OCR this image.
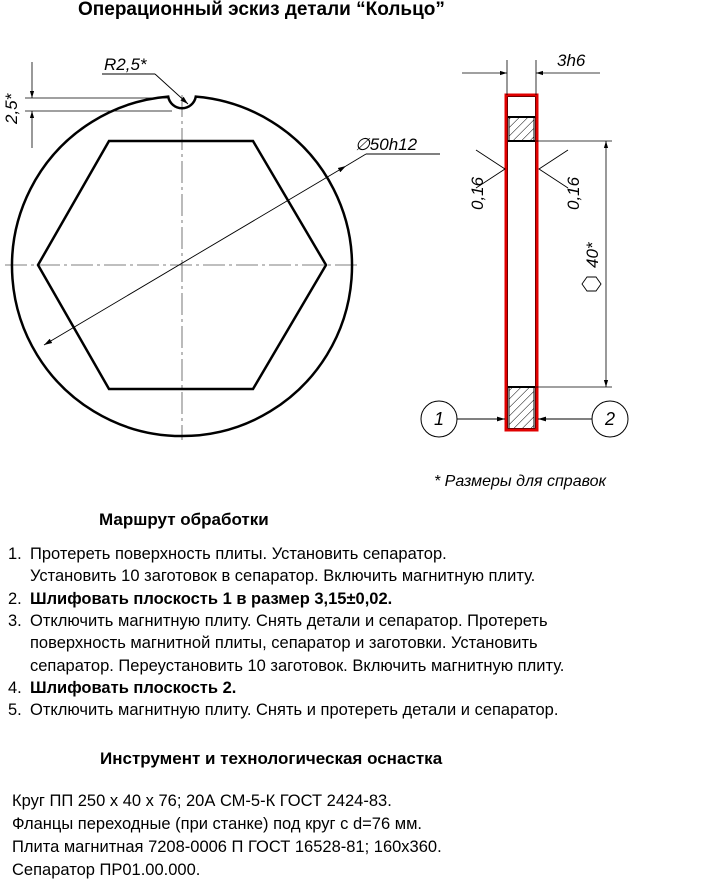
Операционный эскиз детали “Кольцо”
R2,5*
2,5*
∅50h12
3h6
0,16	0,16
40*
1	2
* Размеры для справок
Маршрут обработки
1. Протереть поверхность плиты. Установить сепаратор.
Установить 10 заготовок в сепаратор. Включить магнитную плиту.
2. Шлифовать плоскость 1 в размер 3,15±0,02.
3. Отключить магнитную плиту. Снять детали и сепаратор. Протереть
поверхность магнитной плиты, сепаратор и заготовки. Установить
сепаратор. Переустановить 10 заготовок. Включить магнитную плиту.
4. Шлифовать плоскость 2.
5. Отключить магнитную плиту. Снять и протереть детали и сепаратор.
Инструмент и технологическая оснастка
Круг ПП 250 х 40 х 76; 20А СМ-5-К ГОСТ 2424-83.
Фланцы переходные (при станке) под круг с d=76 мм.
Плита магнитная 7208-0006 П ГОСТ 16528-81; 160х360.
Сепаратор ПР01.00.000.
